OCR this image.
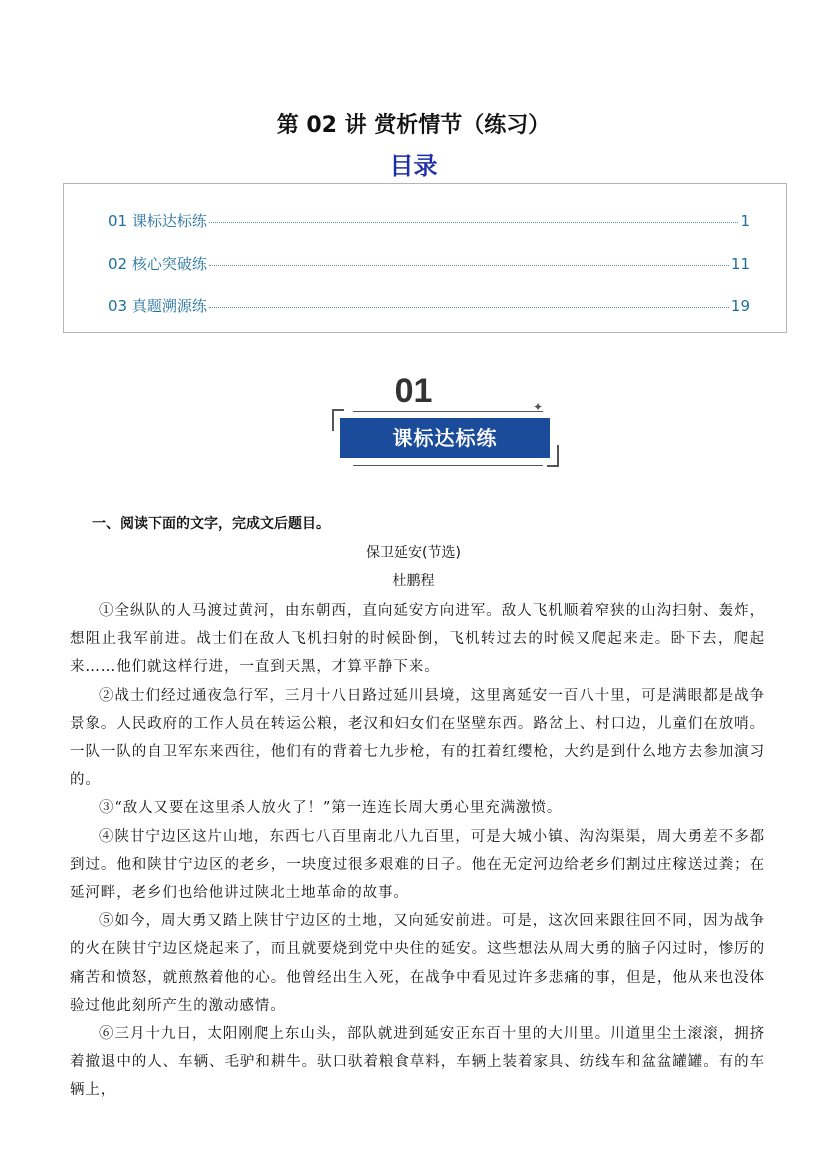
第 02 讲 赏析情节（练习）
目录
01 课标达标练	1
02 核心突破练	11
03 真题溯源练	19
01	✦
课标达标练
一、阅读下面的文字，完成文后题目。
保卫延安(节选)
杜鹏程

①全纵队的人马渡过黄河，由东朝西，直向延安方向进军。敌人飞机顺着窄狭的山沟扫射、轰炸，想阻止我军前进。战士们在敌人飞机扫射的时候卧倒，飞机转过去的时候又爬起来走。卧下去，爬起来……他们就这样行进，一直到天黑，才算平静下来。

②战士们经过通夜急行军，三月十八日路过延川县境，这里离延安一百八十里，可是满眼都是战争景象。人民政府的工作人员在转运公粮，老汉和妇女们在坚壁东西。路岔上、村口边，儿童们在放哨。一队一队的自卫军东来西往，他们有的背着七九步枪，有的扛着红缨枪，大约是到什么地方去参加演习的。

③“敌人又要在这里杀人放火了！”第一连连长周大勇心里充满激愤。

④陕甘宁边区这片山地，东西七八百里南北八九百里，可是大城小镇、沟沟渠渠，周大勇差不多都到过。他和陕甘宁边区的老乡，一块度过很多艰难的日子。他在无定河边给老乡们割过庄稼送过粪；在延河畔，老乡们也给他讲过陕北土地革命的故事。

⑤如今，周大勇又踏上陕甘宁边区的土地，又向延安前进。可是，这次回来跟往回不同，因为战争的火在陕甘宁边区烧起来了，而且就要烧到党中央住的延安。这些想法从周大勇的脑子闪过时，惨厉的痛苦和愤怒，就煎熬着他的心。他曾经出生入死，在战争中看见过许多悲痛的事，但是，他从来也没体验过他此刻所产生的激动感情。

⑥三月十九日，太阳刚爬上东山头，部队就进到延安正东百十里的大川里。川道里尘土滚滚，拥挤着撤退中的人、车辆、毛驴和耕牛。驮口驮着粮食草料，车辆上装着家具、纺线车和盆盆罐罐。有的车辆上，
